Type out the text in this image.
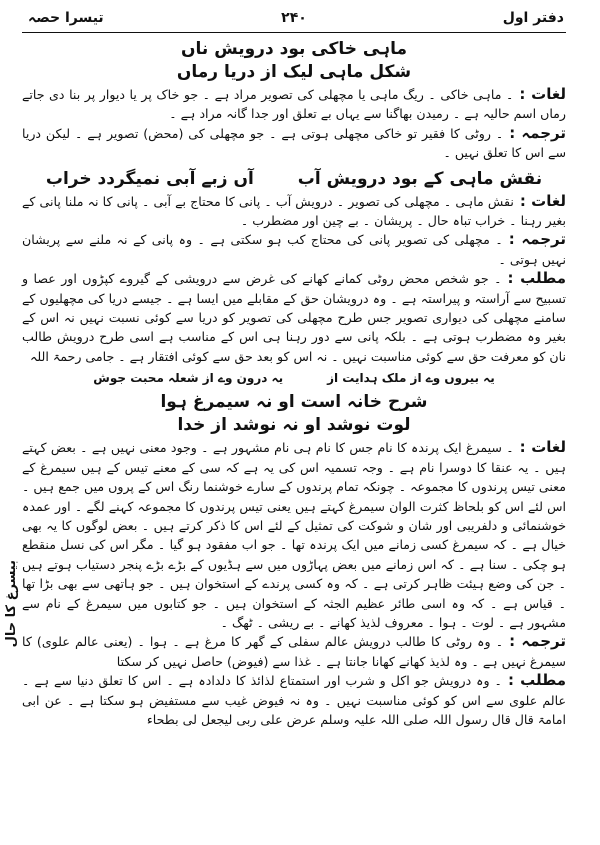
دفتر اول
۲۴۰
تیسرا حصہ
ماہی خاکی بود درویش ناںشکل ماہی لیک از دریا رماں

لغات :۔ ماہی خاکی ۔ ریگ ماہی یا مچھلی کی تصویر مراد ہے ۔ جو خاک پر یا دیوار پر بنا دی جاتے رماں اسم حالیہ ہے ۔ رمیدن بھاگنا سے یہاں بے تعلق اور جدا گانہ مراد ہے ۔

ترجمہ :۔ روٹی کا فقیر تو خاکی مچھلی ہوتی ہے ۔ جو مچھلی کی (محض) تصویر ہے ۔ لیکن دریا سے اس کا تعلق نہیں ۔

نقش ماہی کے بود درویش آبآں زبے آبی نمیگردد خراب

لغات :نقش ماہی ۔ مچھلی کی تصویر ۔ درویش آب ۔ پانی کا محتاج بے آبی ۔ پانی کا نہ ملنا پانی کے بغیر رہنا ۔ خراب تباہ حال ۔ پریشان ۔ بے چین اور مضطرب ۔

ترجمہ :۔ مچھلی کی تصویر پانی کی محتاج کب ہو سکتی ہے ۔ وہ پانی کے نہ ملنے سے پریشان نہیں ہوتی ۔

مطلب :۔ جو شخص محض روٹی کمانے کھانے کی غرض سے درویشی کے گیروے کپڑوں اور عصا و تسبیح سے آراستہ و پیراستہ ہے ۔ وہ درویشان حق کے مقابلے میں ایسا ہے ۔ جیسے دریا کی مچھلیوں کے سامنے مچھلی کی دیواری تصویر جس طرح مچھلی کی تصویر کو دریا سے کوئی نسبت نہیں نہ اس کے بغیر وہ مضطرب ہوتی ہے ۔ بلکہ پانی سے دور رہنا ہی اس کے مناسب ہے اسی طرح درویش طالب نان کو معرفت حق سے کوئی مناسبت نہیں ۔ نہ اس کو بعد حق سے کوئی افتقار ہے ۔ جامی رحمۃ اللہ

یہ بیروں وے از ملک ہدایت ازیہ درون وے از شعلہ محبت جوش
شرح خانہ است او نہ سیمرغ ہوا
لوت نوشد او نہ نوشد از خدا

لغات :۔ سیمرغ ایک پرندہ کا نام جس کا نام ہی نام مشہور ہے ۔ وجود معنی نہیں ہے ۔ بعض کہتے ہیں ۔ یہ عنقا کا دوسرا نام ہے ۔ وجہ تسمیہ اس کی یہ ہے کہ سی کے معنے تیس کے ہیں سیمرغ کے معنی تیس پرندوں کا مجموعہ ۔ چونکہ تمام پرندوں کے سارے خوشنما رنگ اس کے پروں میں جمع ہیں ۔ اس لئے اس کو بلحاظ کثرت الوان سیمرغ کہتے ہیں یعنی تیس پرندوں کا مجموعہ کہنے لگے ۔ اور عمدہ خوشنمائی و دلفریبی اور شان و شوکت کی تمثیل کے لئے اس کا ذکر کرتے ہیں ۔ بعض لوگوں کا یہ بھی خیال ہے ۔ کہ سیمرغ کسی زمانے میں ایک پرندہ تھا ۔ جو اب مفقود ہو گیا ۔ مگر اس کی نسل منقطع ہو چکی ۔ سنا ہے ۔ کہ اس زمانے میں بعض پہاڑوں میں سے ہڈیوں کے بڑے بڑے پنجر دستیاب ہوتے ہیں ۔ جن کی وضع ہیئت ظاہر کرتی ہے ۔ کہ وہ کسی پرندے کے استخوان ہیں ۔ جو ہاتھی سے بھی بڑا تھا ۔ قیاس ہے ۔ کہ وہ اسی طائر عظیم الجثہ کے استخوان ہیں ۔ جو کتابوں میں سیمرغ کے نام سے مشہور ہے ۔ لوت ۔ ہوا ۔ معروف لذیذ کھانے ۔ بے ریشی ۔ ٹھگ ۔

ترجمہ :۔ وہ روٹی کا طالب درویش عالم سفلی کے گھر کا مرغ ہے ۔ ہوا ۔ (یعنی عالم علوی) کا سیمرغ نہیں ہے ۔ وہ لذیذ کھانے کھانا جانتا ہے ۔ غذا سے (فیوض) حاصل نہیں کر سکتا

مطلب :۔ وہ درویش جو اکل و شرب اور استمتاع لذائذ کا دلدادہ ہے ۔ اس کا تعلق دنیا سے ہے ۔ عالم علوی سے اس کو کوئی مناسبت نہیں ۔ وہ نہ فیوض غیب سے مستفیض ہو سکتا ہے ۔ عن ابی امامۃ قال قال رسول اللہ صلی اللہ علیہ وسلم عرض علی ربی لیجعل لی بطحاء

بیسرغ کا حال
